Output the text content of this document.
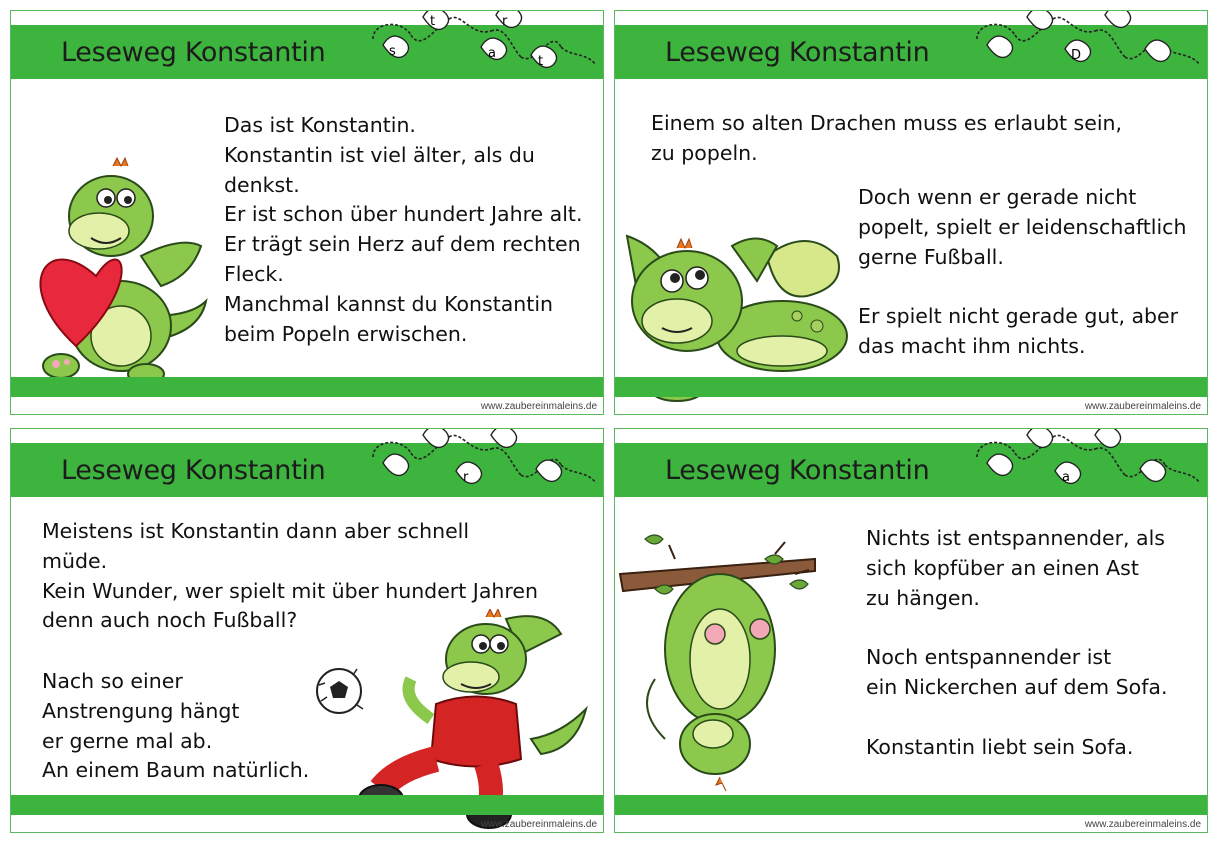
Leseweg Konstantin	s
t
a
r
t
Das ist Konstantin.
Konstantin ist viel älter, als du
denkst.
Er ist schon über hundert Jahre alt.
Er trägt sein Herz auf dem rechten
Fleck.
Manchmal kannst du Konstantin
beim Popeln erwischen.
www.zaubereinmaleins.de
Leseweg Konstantin	D
Einem so alten Drachen muss es erlaubt sein,
zu popeln.
Doch wenn er gerade nicht
popelt, spielt er leidenschaftlich
gerne Fußball.
Er spielt nicht gerade gut, aber
das macht ihm nichts.
www.zaubereinmaleins.de
Leseweg Konstantin	r
Meistens ist Konstantin dann aber schnell
müde.
Kein Wunder, wer spielt mit über hundert Jahren
denn auch noch Fußball?
Nach so einer
Anstrengung hängt
er gerne mal ab.
An einem Baum natürlich.
www.zaubereinmaleins.de
Leseweg Konstantin	a
Nichts ist entspannender, als
sich kopfüber an einen Ast
zu hängen.
Noch entspannender ist
ein Nickerchen auf dem Sofa.
Konstantin liebt sein Sofa.
www.zaubereinmaleins.de
